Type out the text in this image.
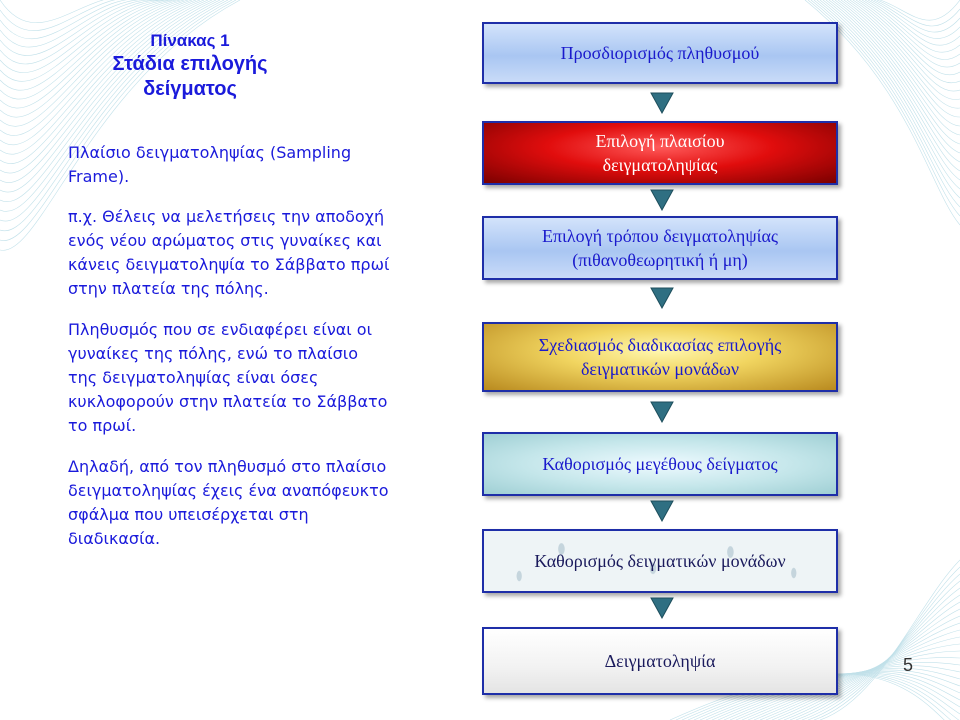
Πίνακας 1
Στάδια επιλογής
δείγματος
Πλαίσιο δειγματοληψίας (Sampling
Frame).
π.χ. Θέλεις να μελετήσεις την αποδοχή
ενός νέου αρώματος στις γυναίκες και
κάνεις δειγματοληψία το Σάββατο πρωί
στην πλατεία της πόλης.
Πληθυσμός που σε ενδιαφέρει είναι οι
γυναίκες της πόλης, ενώ το πλαίσιο
της δειγματοληψίας είναι όσες
κυκλοφορούν στην πλατεία το Σάββατο
το πρωί.
Δηλαδή, από τον πληθυσμό στο πλαίσιο
δειγματοληψίας έχεις ένα αναπόφευκτο
σφάλμα που υπεισέρχεται στη
διαδικασία.
Προσδιορισμός πληθυσμού
Επιλογή πλαισίου
δειγματοληψίας
Επιλογή τρόπου δειγματοληψίας
(πιθανοθεωρητική ή μη)
Σχεδιασμός διαδικασίας επιλογής
δειγματικών μονάδων
Καθορισμός μεγέθους δείγματος
Καθορισμός δειγματικών μονάδων
Δειγματοληψία	5
